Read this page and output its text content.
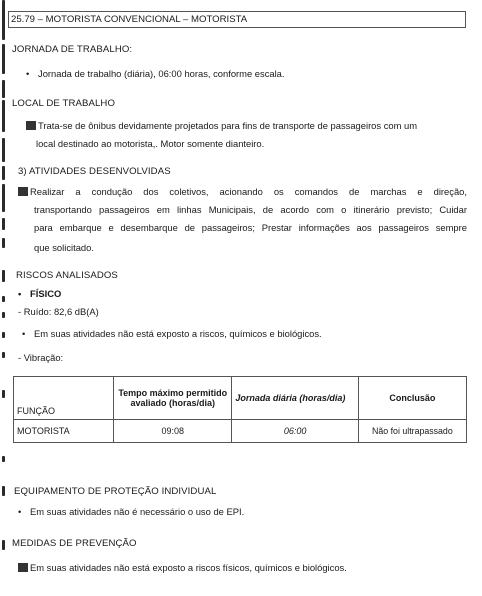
25.79 – MOTORISTA CONVENCIONAL – MOTORISTA
JORNADA DE TRABALHO:
• Jornada de trabalho (diária), 06:00 horas, conforme escala.
LOCAL DE TRABALHO
Trata-se de ônibus devidamente projetados para fins de transporte de passageiros com um
local destinado ao motorista,. Motor somente dianteiro.
3) ATIVIDADES DESENVOLVIDAS
Realizar a condução dos coletivos, acionando os comandos de marchas e direção,
transportando passageiros em linhas Municipais, de acordo com o itinerário previsto; Cuidar
para embarque e desembarque de passageiros; Prestar informações aos passageiros sempre
que solicitado.
RISCOS ANALISADOS
• FÍSICO
- Ruído: 82,6 dB(A)
• Em suas atividades não está exposto a riscos, químicos e biológicos.
- Vibração:
FUNÇÃO	Tempo máximo permitido avaliado (horas/dia)	Jornada diária (horas/dia)	Conclusão
MOTORISTA	09:08	06:00	Não foi ultrapassado
EQUIPAMENTO DE PROTEÇÃO INDIVIDUAL
• Em suas atividades não é necessário o uso de EPI.
MEDIDAS DE PREVENÇÃO
Em suas atividades não está exposto a riscos físicos, químicos e biológicos.
